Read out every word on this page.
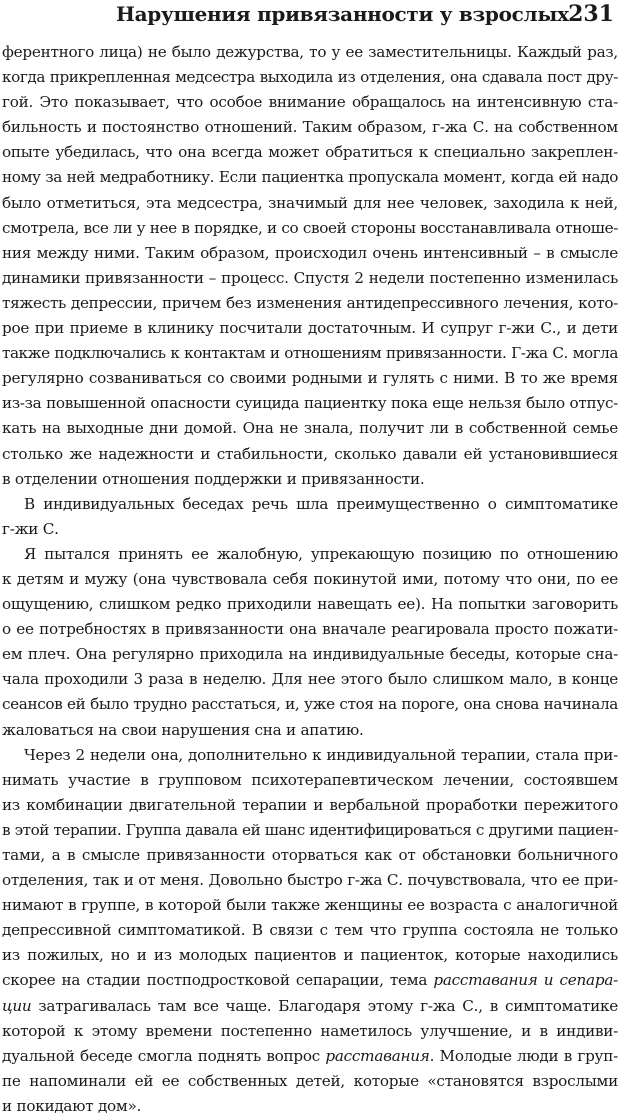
Нарушения привязанности у взрослых 231
ферентного лица) не было дежурства, то у ее заместительницы. Каждый раз,
когда прикрепленная медсестра выходила из отделения, она сдавала пост дру-
гой. Это показывает, что особое внимание обращалось на интенсивную ста-
бильность и постоянство отношений. Таким образом, г-жа С. на собственном
опыте убедилась, что она всегда может обратиться к специально закреплен-
ному за ней медработнику. Если пациентка пропускала момент, когда ей надо
было отметиться, эта медсестра, значимый для нее человек, заходила к ней,
смотрела, все ли у нее в порядке, и со своей стороны восстанавливала отноше-
ния между ними. Таким образом, происходил очень интенсивный – в смысле
динамики привязанности – процесс. Спустя 2 недели постепенно изменилась
тяжесть депрессии, причем без изменения антидепрессивного лечения, кото-
рое при приеме в клинику посчитали достаточным. И супруг г-жи С., и дети
также подключались к контактам и отношениям привязанности. Г-жа С. могла
регулярно созваниваться со своими родными и гулять с ними. В то же время
из-за повышенной опасности суицида пациентку пока еще нельзя было отпус-
кать на выходные дни домой. Она не знала, получит ли в собственной семье
столько же надежности и стабильности, сколько давали ей установившиеся
в отделении отношения поддержки и привязанности.
В индивидуальных беседах речь шла преимущественно о симптоматике
г-жи С.
Я пытался принять ее жалобную, упрекающую позицию по отношению
к детям и мужу (она чувствовала себя покинутой ими, потому что они, по ее
ощущению, слишком редко приходили навещать ее). На попытки заговорить
о ее потребностях в привязанности она вначале реагировала просто пожати-
ем плеч. Она регулярно приходила на индивидуальные беседы, которые сна-
чала проходили 3 раза в неделю. Для нее этого было слишком мало, в конце
сеансов ей было трудно расстаться, и, уже стоя на пороге, она снова начинала
жаловаться на свои нарушения сна и апатию.
Через 2 недели она, дополнительно к индивидуальной терапии, стала при-
нимать участие в групповом психотерапевтическом лечении, состоявшем
из комбинации двигательной терапии и вербальной проработки пережитого
в этой терапии. Группа давала ей шанс идентифицироваться с другими пациен-
тами, а в смысле привязанности оторваться как от обстановки больничного
отделения, так и от меня. Довольно быстро г-жа С. почувствовала, что ее при-
нимают в группе, в которой были также женщины ее возраста с аналогичной
депрессивной симптоматикой. В связи с тем что группа состояла не только
из пожилых, но и из молодых пациентов и пациенток, которые находились
скорее на стадии постподростковой сепарации, тема расставания и сепара-
ции затрагивалась там все чаще. Благодаря этому г-жа С., в симптоматике
которой к этому времени постепенно наметилось улучшение, и в индиви-
дуальной беседе смогла поднять вопрос расставания. Молодые люди в груп-
пе напоминали ей ее собственных детей, которые «становятся взрослыми
и покидают дом».
